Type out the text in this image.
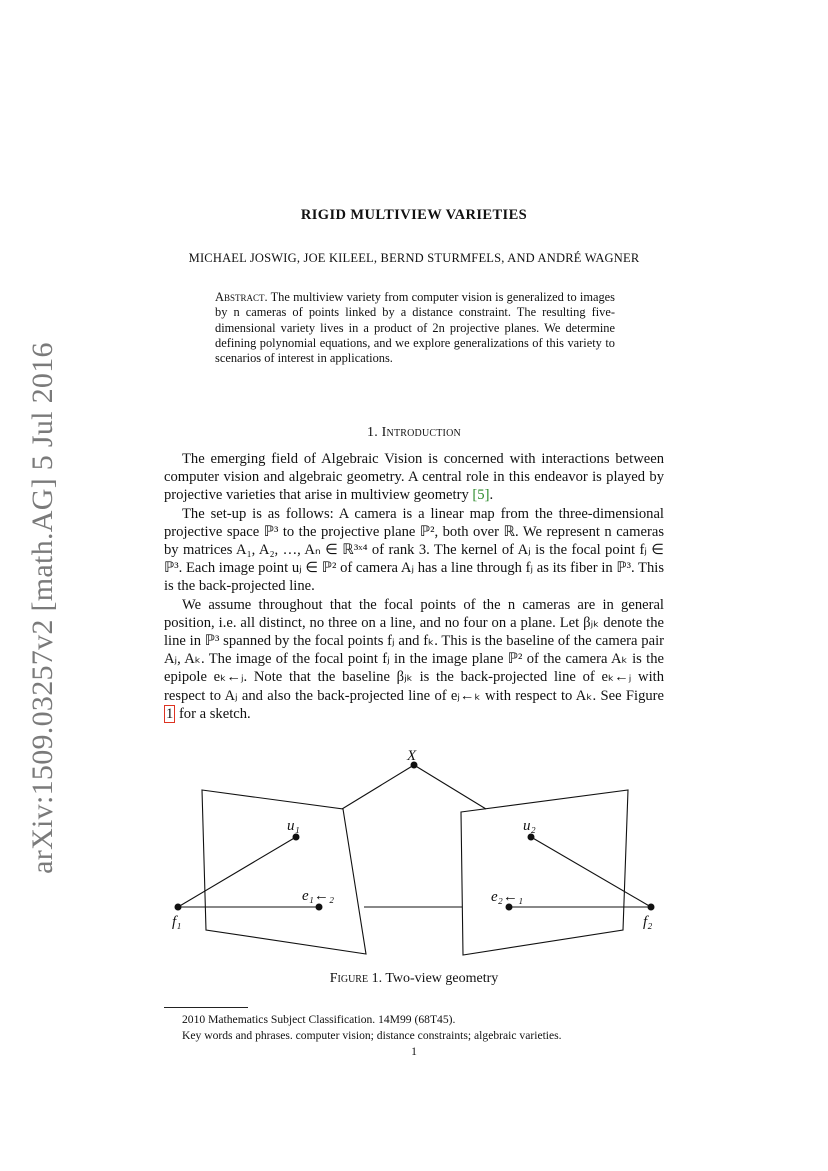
arXiv:1509.03257v2 [math.AG] 5 Jul 2016
RIGID MULTIVIEW VARIETIES
MICHAEL JOSWIG, JOE KILEEL, BERND STURMFELS, AND ANDRÉ WAGNER
Abstract. The multiview variety from computer vision is generalized to images by n cameras of points linked by a distance constraint. The resulting five-dimensional variety lives in a product of 2n projective planes. We determine defining polynomial equations, and we explore generalizations of this variety to scenarios of interest in applications.
1. Introduction

The emerging field of Algebraic Vision is concerned with interactions between computer vision and algebraic geometry. A central role in this endeavor is played by projective varieties that arise in multiview geometry [5].

The set-up is as follows: A camera is a linear map from the three-dimensional projective space ℙ³ to the projective plane ℙ², both over ℝ. We represent n cameras by matrices A₁, A₂, …, Aₙ ∈ ℝ³ˣ⁴ of rank 3. The kernel of Aⱼ is the focal point fⱼ ∈ ℙ³. Each image point uⱼ ∈ ℙ² of camera Aⱼ has a line through fⱼ as its fiber in ℙ³. This is the back-projected line.

We assume throughout that the focal points of the n cameras are in general position, i.e. all distinct, no three on a line, and no four on a plane. Let βⱼₖ denote the line in ℙ³ spanned by the focal points fⱼ and fₖ. This is the baseline of the camera pair Aⱼ, Aₖ. The image of the focal point fⱼ in the image plane ℙ² of the camera Aₖ is the epipole eₖ←ⱼ. Note that the baseline βⱼₖ is the back-projected line of eₖ←ⱼ with respect to Aⱼ and also the back-projected line of eⱼ←ₖ with respect to Aₖ. See Figure 1 for a sketch.

X
u₁	u₂
e₁←₂	e₂←₁
f₁	f₂
Figure 1. Two-view geometry
2010 Mathematics Subject Classification. 14M99 (68T45).
Key words and phrases. computer vision; distance constraints; algebraic varieties.
1
